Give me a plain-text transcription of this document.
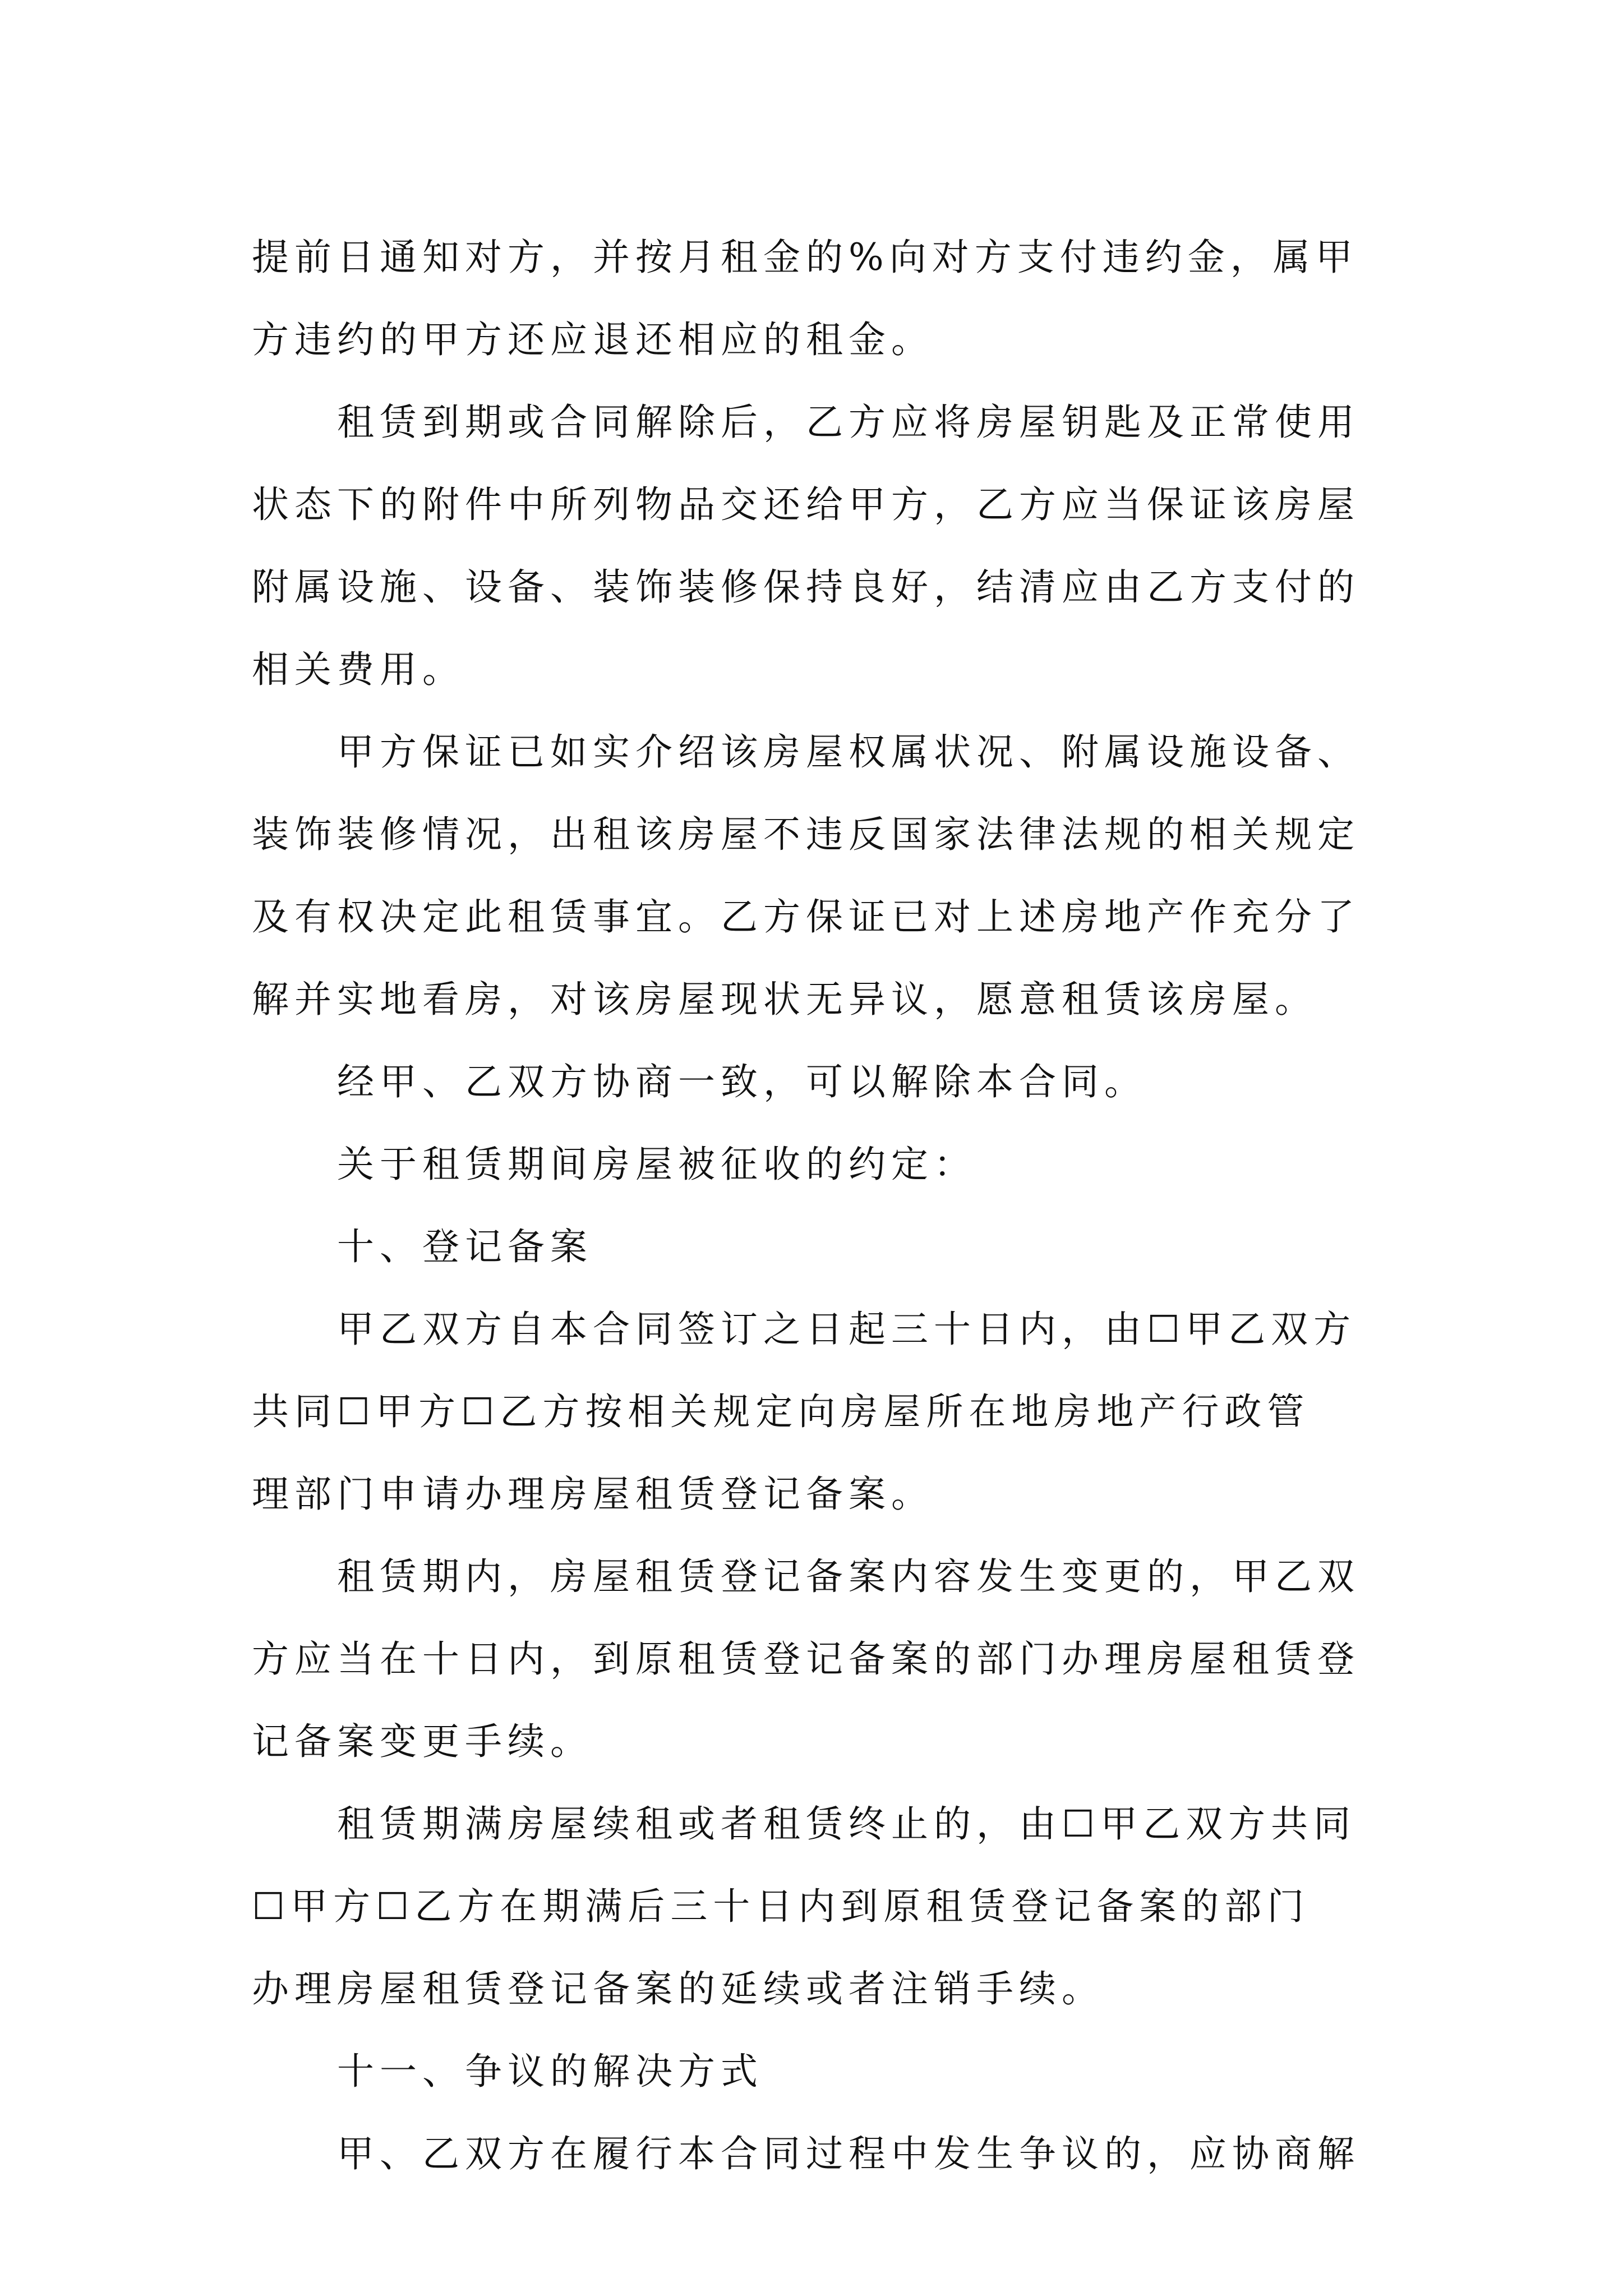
提前日通知对方，并按月租金的%向对方支付违约金，属甲
方违约的甲方还应退还相应的租金。
租赁到期或合同解除后，乙方应将房屋钥匙及正常使用
状态下的附件中所列物品交还给甲方，乙方应当保证该房屋
附属设施、设备、装饰装修保持良好，结清应由乙方支付的
相关费用。
甲方保证已如实介绍该房屋权属状况、附属设施设备、
装饰装修情况，出租该房屋不违反国家法律法规的相关规定
及有权决定此租赁事宜。乙方保证已对上述房地产作充分了
解并实地看房，对该房屋现状无异议，愿意租赁该房屋。
经甲、乙双方协商一致，可以解除本合同。
关于租赁期间房屋被征收的约定：
十、登记备案
甲乙双方自本合同签订之日起三十日内，由☐甲乙双方
共同☐甲方☐乙方按相关规定向房屋所在地房地产行政管
理部门申请办理房屋租赁登记备案。
租赁期内，房屋租赁登记备案内容发生变更的，甲乙双
方应当在十日内，到原租赁登记备案的部门办理房屋租赁登
记备案变更手续。
租赁期满房屋续租或者租赁终止的，由☐甲乙双方共同
☐甲方☐乙方在期满后三十日内到原租赁登记备案的部门
办理房屋租赁登记备案的延续或者注销手续。
十一、争议的解决方式
甲、乙双方在履行本合同过程中发生争议的，应协商解
